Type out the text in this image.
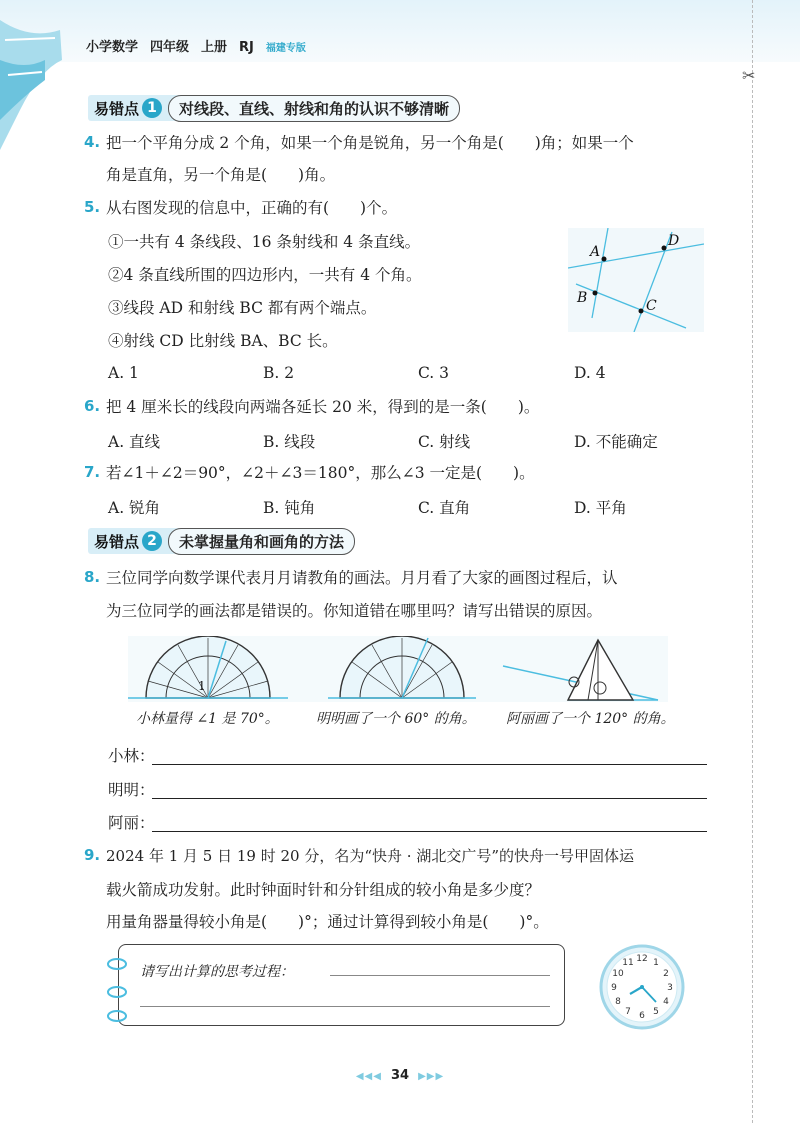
小学数学 四年级 上册 RJ 福建专版
✂
易错点 1	对线段、直线、射线和角的认识不够清晰
4. 把一个平角分成 2 个角，如果一个角是锐角，另一个角是(　　)角；如果一个
角是直角，另一个角是(　　)角。
5. 从右图发现的信息中，正确的有(　　)个。
①一共有 4 条线段、16 条射线和 4 条直线。
②4 条直线所围的四边形内，一共有 4 个角。
③线段 AD 和射线 BC 都有两个端点。
④射线 CD 比射线 BA、BC 长。
A
D
B	C
A. 1	B. 2	C. 3	D. 4
6. 把 4 厘米长的线段向两端各延长 20 米，得到的是一条(　　)。
A. 直线	B. 线段	C. 射线	D. 不能确定
7. 若∠1＋∠2＝90°，∠2＋∠3＝180°，那么∠3 一定是(　　)。
A. 锐角	B. 钝角	C. 直角	D. 平角
易错点 2	未掌握量角和画角的方法
8. 三位同学向数学课代表月月请教角的画法。月月看了大家的画图过程后，认
为三位同学的画法都是错误的。你知道错在哪里吗？请写出错误的原因。
1
小林量得 ∠1 是 70°。	明明画了一个 60° 的角。 阿丽画了一个 120° 的角。
小林：
明明：
阿丽：
9. 2024 年 1 月 5 日 19 时 20 分，名为“快舟 · 湖北交广号”的快舟一号甲固体运
载火箭成功发射。此时钟面时针和分针组成的较小角是多少度？
用量角器量得较小角是(　　)°；通过计算得到较小角是(　　)°。
请写出计算的思考过程：
12 1
2
3
4
5
6
7
8
9
10
11
◀◀◀ 34 ▶▶▶
